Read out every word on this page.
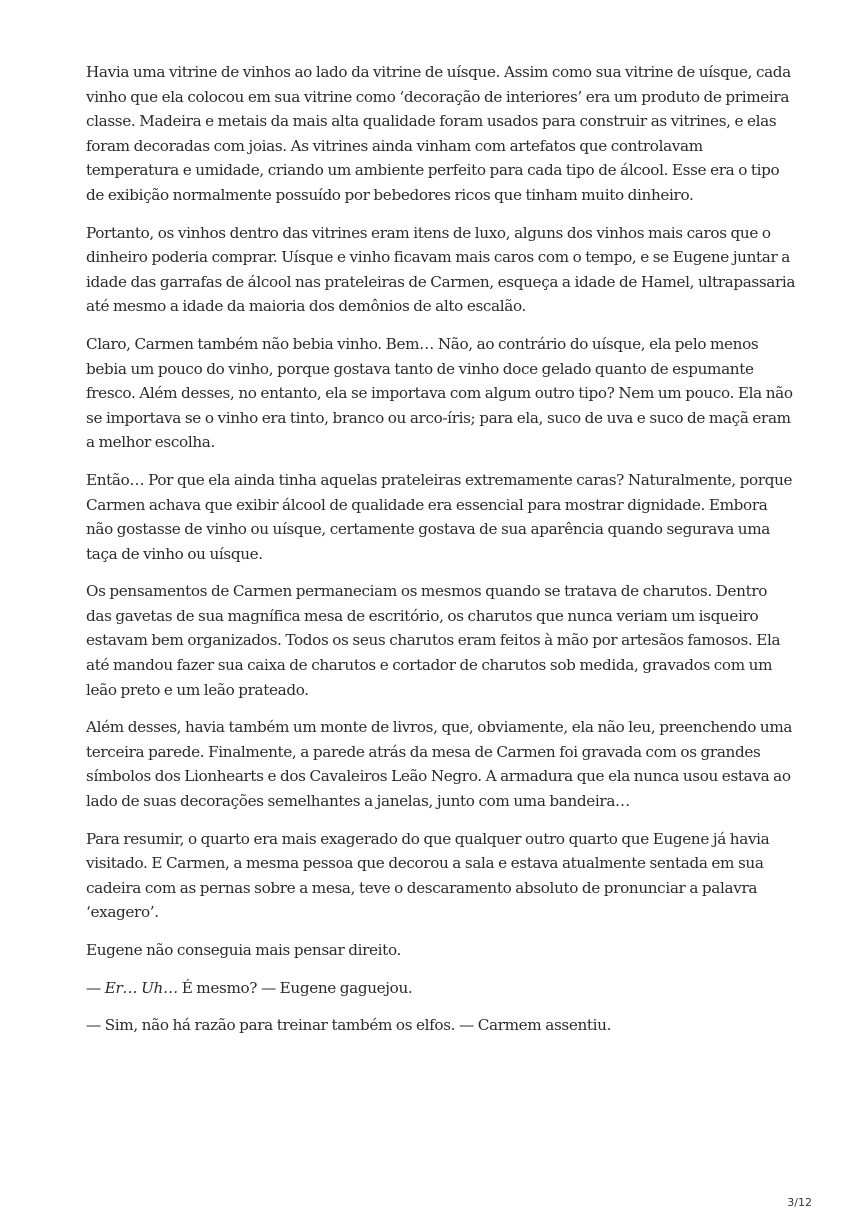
Havia uma vitrine de vinhos ao lado da vitrine de uísque. Assim como sua vitrine de uísque, cada vinho que ela colocou em sua vitrine como ‘decoração de interiores’ era um produto de primeira classe. Madeira e metais da mais alta qualidade foram usados para construir as vitrines, e elas foram decoradas com joias. As vitrines ainda vinham com artefatos que controlavam temperatura e umidade, criando um ambiente perfeito para cada tipo de álcool. Esse era o tipo de exibição normalmente possuído por bebedores ricos que tinham muito dinheiro.

Portanto, os vinhos dentro das vitrines eram itens de luxo, alguns dos vinhos mais caros que o dinheiro poderia comprar. Uísque e vinho ficavam mais caros com o tempo, e se Eugene juntar a idade das garrafas de álcool nas prateleiras de Carmen, esqueça a idade de Hamel, ultrapassaria até mesmo a idade da maioria dos demônios de alto escalão.

Claro, Carmen também não bebia vinho. Bem… Não, ao contrário do uísque, ela pelo menos bebia um pouco do vinho, porque gostava tanto de vinho doce gelado quanto de espumante fresco. Além desses, no entanto, ela se importava com algum outro tipo? Nem um pouco. Ela não se importava se o vinho era tinto, branco ou arco-íris; para ela, suco de uva e suco de maçã eram a melhor escolha.

Então… Por que ela ainda tinha aquelas prateleiras extremamente caras? Naturalmente, porque Carmen achava que exibir álcool de qualidade era essencial para mostrar dignidade. Embora não gostasse de vinho ou uísque, certamente gostava de sua aparência quando segurava uma taça de vinho ou uísque.

Os pensamentos de Carmen permaneciam os mesmos quando se tratava de charutos. Dentro das gavetas de sua magnífica mesa de escritório, os charutos que nunca veriam um isqueiro estavam bem organizados. Todos os seus charutos eram feitos à mão por artesãos famosos. Ela até mandou fazer sua caixa de charutos e cortador de charutos sob medida, gravados com um leão preto e um leão prateado.

Além desses, havia também um monte de livros, que, obviamente, ela não leu, preenchendo uma terceira parede. Finalmente, a parede atrás da mesa de Carmen foi gravada com os grandes símbolos dos Lionhearts e dos Cavaleiros Leão Negro. A armadura que ela nunca usou estava ao lado de suas decorações semelhantes a janelas, junto com uma bandeira…

Para resumir, o quarto era mais exagerado do que qualquer outro quarto que Eugene já havia visitado. E Carmen, a mesma pessoa que decorou a sala e estava atualmente sentada em sua cadeira com as pernas sobre a mesa, teve o descaramento absoluto de pronunciar a palavra ‘exagero’.

Eugene não conseguia mais pensar direito.

— Er… Uh… É mesmo? — Eugene gaguejou.

— Sim, não há razão para treinar também os elfos. — Carmem assentiu.

3/12
